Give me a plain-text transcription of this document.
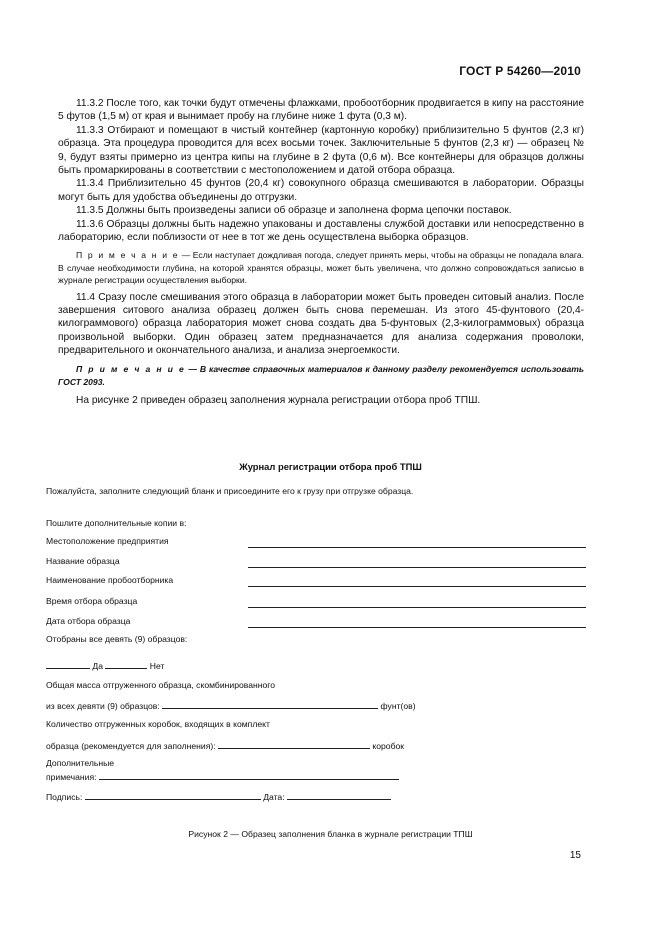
ГОСТ Р 54260—2010

11.3.2 После того, как точки будут отмечены флажками, пробоотборник продвигается в кипу на расстояние 5 футов (1,5 м) от края и вынимает пробу на глубине ниже 1 фута (0,3 м).

11.3.3 Отбирают и помещают в чистый контейнер (картонную коробку) приблизительно 5 фунтов (2,3 кг) образца. Эта процедура проводится для всех восьми точек. Заключительные 5 фунтов (2,3 кг) — образец № 9, будут взяты примерно из центра кипы на глубине в 2 фута (0,6 м). Все контейнеры для образцов должны быть промаркированы в соответствии с местоположением и датой отбора образца.

11.3.4 Приблизительно 45 фунтов (20,4 кг) совокупного образца смешиваются в лаборатории. Образцы могут быть для удобства объединены до отгрузки.

11.3.5 Должны быть произведены записи об образце и заполнена форма цепочки поставок.

11.3.6 Образцы должны быть надежно упакованы и доставлены службой доставки или непосредственно в лабораторию, если поблизости от нее в тот же день осуществлена выборка образцов.

П р и м е ч а н и е — Если наступает дождливая погода, следует принять меры, чтобы на образцы не попадала влага. В случае необходимости глубина, на которой хранятся образцы, может быть увеличена, что должно сопровождаться записью в журнале регистрации осуществления выборки.

11.4 Сразу после смешивания этого образца в лаборатории может быть проведен ситовый анализ. После завершения ситового анализа образец должен быть снова перемешан. Из этого 45-фунтового (20,4-килограммового) образца лаборатория может снова создать два 5-фунтовых (2,3-килограммовых) образца произвольной выборки. Один образец затем предназначается для анализа содержания проволоки, предварительного и окончательного анализа, и анализа энергоемкости.

П р и м е ч а н и е — В качестве справочных материалов к данному разделу рекомендуется использовать ГОСТ 2093.

На рисунке 2 приведен образец заполнения журнала регистрации отбора проб ТПШ.

Журнал регистрации отбора проб ТПШ
Пожалуйста, заполните следующий бланк и присоедините его к грузу при отгрузке образца.
Пошлите дополнительные копии в:
Местоположение предприятия
Название образца
Наименование пробоотборника
Время отбора образца
Дата отбора образца
Отобраны все девять (9) образцов:
Да	Нет
Общая масса отгруженного образца, скомбинированного
из всех девяти (9) образцов:	фунт(ов)
Количество отгруженных коробок, входящих в комплект
образца (рекомендуется для заполнения):	коробок
Дополнительные
примечания:
Подпись:	Дата:
Рисунок 2 — Образец заполнения бланка в журнале регистрации ТПШ
15
